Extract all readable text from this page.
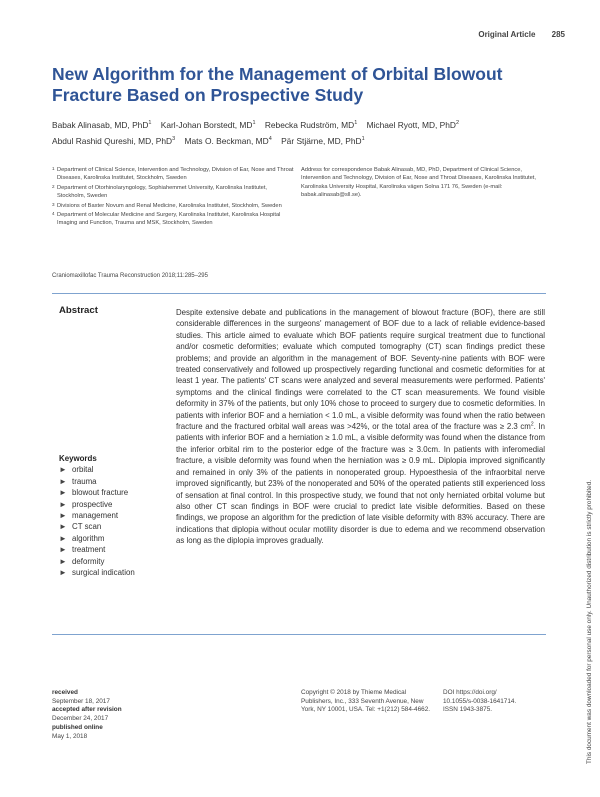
Original Article 285
New Algorithm for the Management of Orbital Blowout Fracture Based on Prospective Study
Babak Alinasab, MD, PhD$^1$ Karl-Johan Borstedt, $MD^1$ Rebecka Rudström, $MD^1$ Michael Ryott, MD, PhD$^2$
Abdul Rashid Qureshi, MD, PhD$^3$ Mats O. Beckman, $MD^4$ Pär Stjärne, MD, PhD$^1$
1 Department of Clinical Science, Intervention and Technology, Division of Ear, Nose and Throat Diseases, Karolinska Institutet, Stockholm, Sweden
2 Department of Otorhinolaryngology, Sophiahemmet University, Karolinska Institutet, Stockholm, Sweden
3 Divisions of Baxter Novum and Renal Medicine, Karolinska Institutet, Stockholm, Sweden
4 Department of Molecular Medicine and Surgery, Karolinska Institutet, Karolinska Hospital Imaging and Function, Trauma and MSK, Stockholm, Sweden
Address for correspondence Babak Alinasab, MD, PhD, Department of Clinical Science, Intervention and Technology, Division of Ear, Nose and Throat Diseases, Karolinska Institutet, Karolinska University Hospital, Karolinska vägen Solna 171 76, Sweden (e-mail: babak.alinasab@sll.se).
Craniomaxillofac Trauma Reconstruction 2018;11:285–295
Abstract	Despite extensive debate and publications in the management of blowout fracture (BOF), there are still considerable differences in the surgeons' management of BOF due to a lack of reliable evidence-based studies. This article aimed to evaluate which BOF patients require surgical treatment due to functional and/or cosmetic deformities; evaluate which computed tomography (CT) scan findings predict these problems; and provide an algorithm in the management of BOF. Seventy-nine patients with BOF were treated conservatively and followed up prospectively regarding functional and cosmetic deformities for at least 1 year. The patients' CT scans were analyzed and several measurements were performed. Patients' symptoms and the clinical findings were correlated to the CT scan measurements. We found visible deformity in 37% of the patients, but only 10% chose to proceed to surgery due to cosmetic deformities. In patients with inferior BOF and a herniation < 1.0 mL, a visible deformity was found when the ratio between fracture and the fractured orbital wall areas was >42%, or the total area of the fracture was ≥ 2.3 $cm^2$. In patients with inferior BOF and a herniation ≥ 1.0 mL, a visible deformity was found when the distance from the inferior orbital rim to the posterior edge of the fracture was ≥ 3.0cm. In patients with inferomedial fracture, a visible deformity was found when the herniation was ≥ 0.9 mL. Diplopia improved significantly and remained in only 3% of the patients in nonoperated group. Hypoesthesia of the infraorbital nerve improved significantly, but 23% of the nonoperated and 50% of the operated patients still experienced loss of sensation at final control. In this prospective study, we found that not only herniated orbital volume but also other CT scan findings in BOF were crucial to predict late visible deformities. Based on these findings, we propose an algorithm for the prediction of late visible deformity with 83% accuracy. There are indications that diplopia without ocular motility disorder is due to edema and we recommend observation as long as the diplopia improves gradually.
Keywords
► orbital
► trauma
► blowout fracture
► prospective
► management
► CT scan
► algorithm
► treatment
► deformity
► surgical indication
received
September 18, 2017
accepted after revision
December 24, 2017
published online
May 1, 2018
Copyright © 2018 by Thieme Medical Publishers, Inc., 333 Seventh Avenue, New York, NY 10001, USA. Tel: +1(212) 584-4662.
DOI https://doi.org/
10.1055/s-0038-1641714.
ISSN 1943-3875.	This document was downloaded for personal use only. Unauthorized distribution is strictly prohibited.
